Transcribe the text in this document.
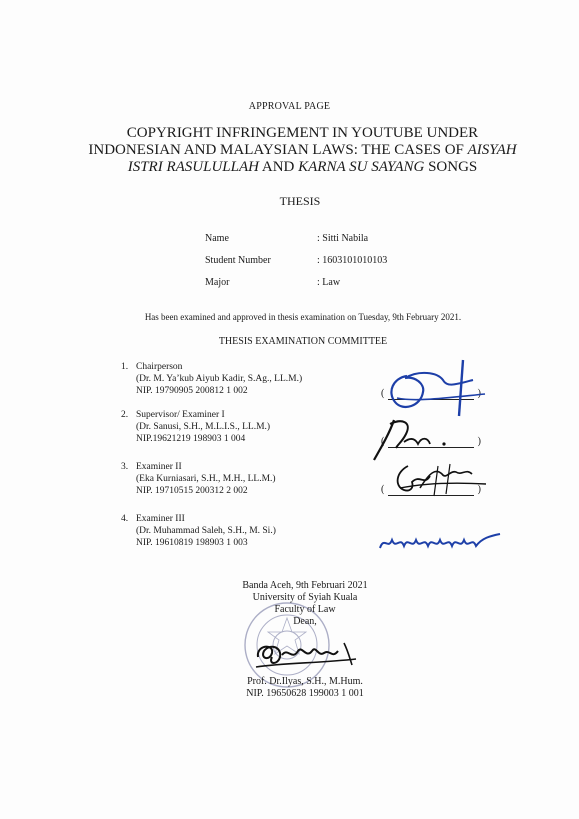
APPROVAL PAGE
COPYRIGHT INFRINGEMENT IN YOUTUBE UNDER
INDONESIAN AND MALAYSIAN LAWS: THE CASES OF AISYAH
ISTRI RASULULLAH AND KARNA SU SAYANG SONGS
THESIS
Name	: Sitti Nabila
Student Number	: 1603101010103
Major	: Law
Has been examined and approved in thesis examination on Tuesday, 9th February 2021.
THESIS EXAMINATION COMMITTEE
1. Chairperson
(Dr. M. Ya’kub Aiyub Kadir, S.Ag., LL.M.)
NIP. 19790905 200812 1 002	(	)
2. Supervisor/ Examiner I
(Dr. Sanusi, S.H., M.L.I.S., LL.M.)
NIP.19621219 198903 1 004	(	)
3. Examiner II
(Eka Kurniasari, S.H., M.H., LL.M.)
NIP. 19710515 200312 2 002	(	)
4. Examiner III
(Dr. Muhammad Saleh, S.H., M. Si.)
NIP. 19610819 198903 1 003
Banda Aceh, 9th Februari 2021
University of Syiah Kuala
Faculty of Law
Dean,
Prof. Dr.Ilyas, S.H., M.Hum.
NIP. 19650628 199003 1 001
